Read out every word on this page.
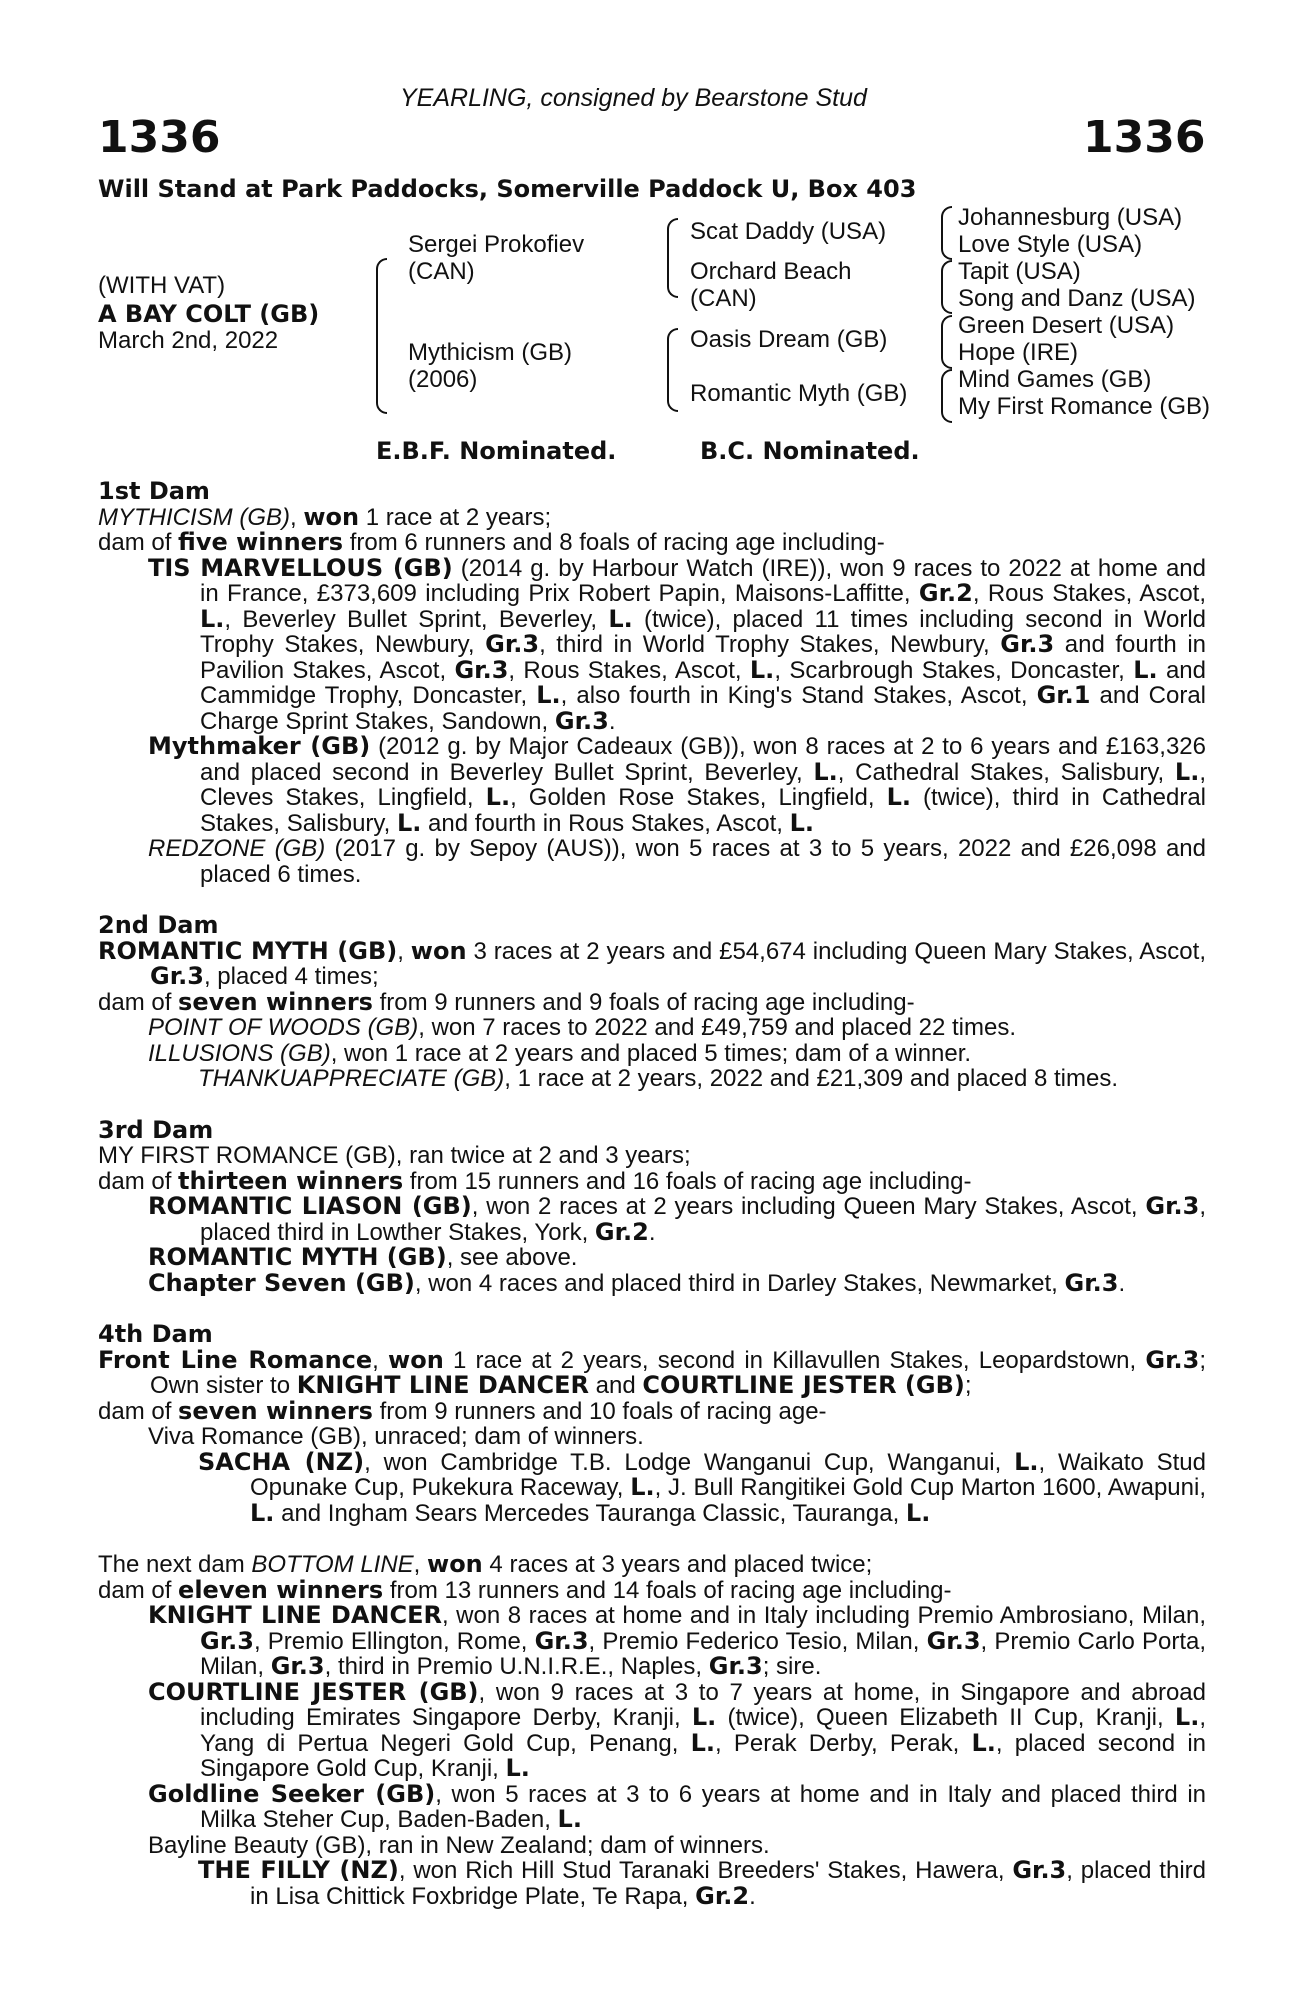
YEARLING, consigned by Bearstone Stud
1336	1336
Will Stand at Park Paddocks, Somerville Paddock U, Box 403
(WITH VAT)
A BAY COLT (GB)
March 2nd, 2022
Sergei Prokofiev
(CAN)
Mythicism (GB)
(2006)
Scat Daddy (USA)
Orchard Beach
(CAN)
Oasis Dream (GB)
Romantic Myth (GB)
Johannesburg (USA)
Love Style (USA)
Tapit (USA)
Song and Danz (USA)
Green Desert (USA)
Hope (IRE)
Mind Games (GB)
My First Romance (GB)
E.B.F. Nominated.	B.C. Nominated.
1st Dam
MYTHICISM (GB), won 1 race at 2 years;
dam of five winners from 6 runners and 8 foals of racing age including-
TIS MARVELLOUS (GB) (2014 g. by Harbour Watch (IRE)), won 9 races to 2022 at home and in France, £373,609 including Prix Robert Papin, Maisons-Laffitte, Gr.2, Rous Stakes, Ascot, L., Beverley Bullet Sprint, Beverley, L. (twice), placed 11 times including second in World Trophy Stakes, Newbury, Gr.3, third in World Trophy Stakes, Newbury, Gr.3 and fourth in Pavilion Stakes, Ascot, Gr.3, Rous Stakes, Ascot, L., Scarbrough Stakes, Doncaster, L. and Cammidge Trophy, Doncaster, L., also fourth in King's Stand Stakes, Ascot, Gr.1 and Coral Charge Sprint Stakes, Sandown, Gr.3.
Mythmaker (GB) (2012 g. by Major Cadeaux (GB)), won 8 races at 2 to 6 years and £163,326 and placed second in Beverley Bullet Sprint, Beverley, L., Cathedral Stakes, Salisbury, L., Cleves Stakes, Lingfield, L., Golden Rose Stakes, Lingfield, L. (twice), third in Cathedral Stakes, Salisbury, L. and fourth in Rous Stakes, Ascot, L.
REDZONE (GB) (2017 g. by Sepoy (AUS)), won 5 races at 3 to 5 years, 2022 and £26,098 and placed 6 times.
2nd Dam
ROMANTIC MYTH (GB), won 3 races at 2 years and £54,674 including Queen Mary Stakes, Ascot, Gr.3, placed 4 times;
dam of seven winners from 9 runners and 9 foals of racing age including-
POINT OF WOODS (GB), won 7 races to 2022 and £49,759 and placed 22 times.
ILLUSIONS (GB), won 1 race at 2 years and placed 5 times; dam of a winner.
THANKUAPPRECIATE (GB), 1 race at 2 years, 2022 and £21,309 and placed 8 times.
3rd Dam
MY FIRST ROMANCE (GB), ran twice at 2 and 3 years;
dam of thirteen winners from 15 runners and 16 foals of racing age including-
ROMANTIC LIASON (GB), won 2 races at 2 years including Queen Mary Stakes, Ascot, Gr.3, placed third in Lowther Stakes, York, Gr.2.
ROMANTIC MYTH (GB), see above.
Chapter Seven (GB), won 4 races and placed third in Darley Stakes, Newmarket, Gr.3.
4th Dam
Front Line Romance, won 1 race at 2 years, second in Killavullen Stakes, Leopardstown, Gr.3; Own sister to KNIGHT LINE DANCER and COURTLINE JESTER (GB);
dam of seven winners from 9 runners and 10 foals of racing age-
Viva Romance (GB), unraced; dam of winners.
SACHA (NZ), won Cambridge T.B. Lodge Wanganui Cup, Wanganui, L., Waikato Stud Opunake Cup, Pukekura Raceway, L., J. Bull Rangitikei Gold Cup Marton 1600, Awapuni, L. and Ingham Sears Mercedes Tauranga Classic, Tauranga, L.
The next dam BOTTOM LINE, won 4 races at 3 years and placed twice;
dam of eleven winners from 13 runners and 14 foals of racing age including-
KNIGHT LINE DANCER, won 8 races at home and in Italy including Premio Ambrosiano, Milan, Gr.3, Premio Ellington, Rome, Gr.3, Premio Federico Tesio, Milan, Gr.3, Premio Carlo Porta, Milan, Gr.3, third in Premio U.N.I.R.E., Naples, Gr.3; sire.
COURTLINE JESTER (GB), won 9 races at 3 to 7 years at home, in Singapore and abroad including Emirates Singapore Derby, Kranji, L. (twice), Queen Elizabeth II Cup, Kranji, L., Yang di Pertua Negeri Gold Cup, Penang, L., Perak Derby, Perak, L., placed second in Singapore Gold Cup, Kranji, L.
Goldline Seeker (GB), won 5 races at 3 to 6 years at home and in Italy and placed third in Milka Steher Cup, Baden-Baden, L.
Bayline Beauty (GB), ran in New Zealand; dam of winners.
THE FILLY (NZ), won Rich Hill Stud Taranaki Breeders' Stakes, Hawera, Gr.3, placed third in Lisa Chittick Foxbridge Plate, Te Rapa, Gr.2.
